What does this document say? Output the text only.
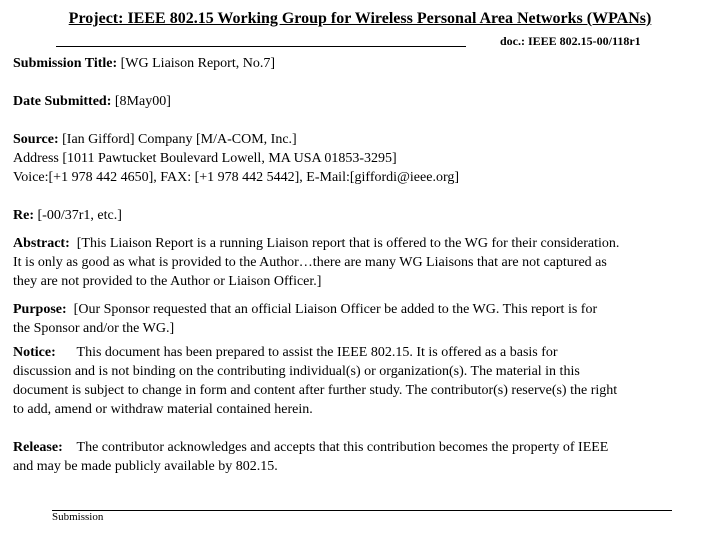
Project: IEEE 802.15 Working Group for Wireless Personal Area Networks (WPANs)
doc.: IEEE 802.15-00/118r1

Submission Title: [WG Liaison Report, No.7]

Date Submitted: [8May00]

Source: [Ian Gifford] Company [M/A-COM, Inc.]
Address [1011 Pawtucket Boulevard Lowell, MA USA 01853-3295]
Voice:[+1 978 442 4650], FAX: [+1 978 442 5442], E-Mail:[giffordi@ieee.org]

Re: [-00/37r1, etc.]

Abstract: [This Liaison Report is a running Liaison report that is offered to the WG for their consideration.
It is only as good as what is provided to the Author…there are many WG Liaisons that are not captured as
they are not provided to the Author or Liaison Officer.]
Purpose: [Our Sponsor requested that an official Liaison Officer be added to the WG. This report is for
the Sponsor and/or the WG.]
Notice: This document has been prepared to assist the IEEE 802.15. It is offered as a basis for
discussion and is not binding on the contributing individual(s) or organization(s). The material in this
document is subject to change in form and content after further study. The contributor(s) reserve(s) the right
to add, amend or withdraw material contained herein.
Release: The contributor acknowledges and accepts that this contribution becomes the property of IEEE
and may be made publicly available by 802.15.
Submission
